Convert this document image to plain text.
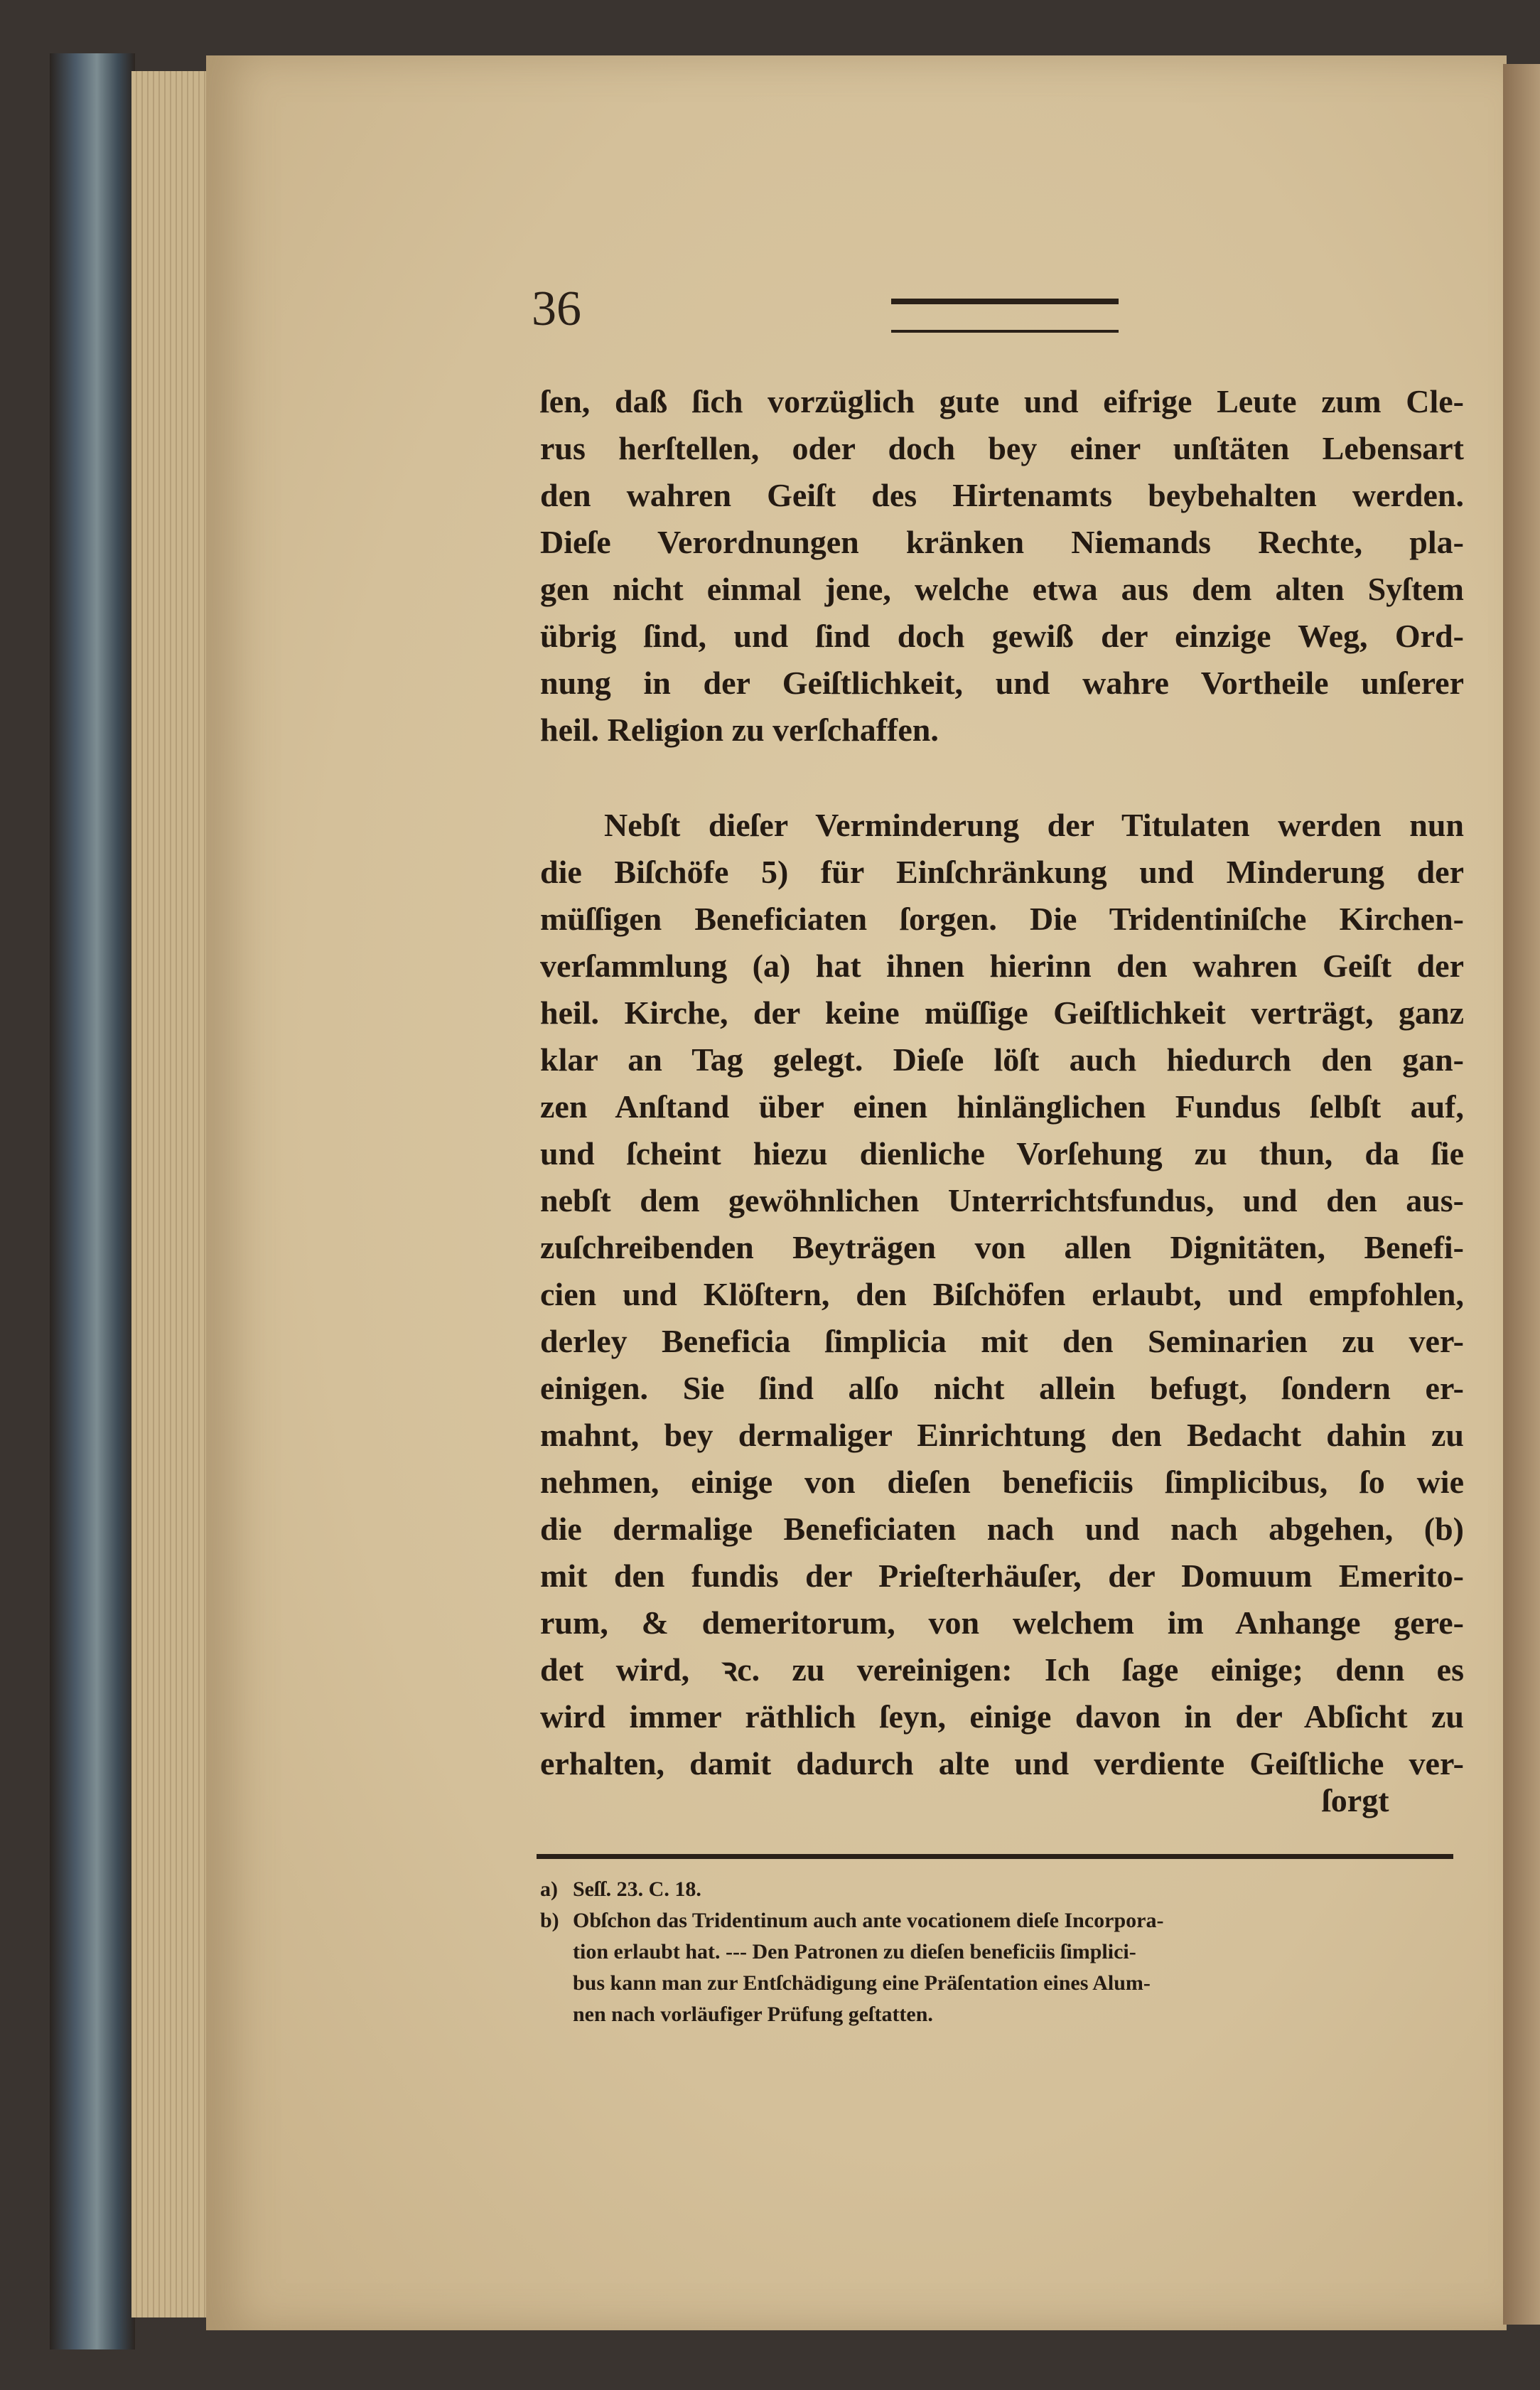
36
ſen, daß ſich vorzüglich gute und eifrige Leute zum Cle-
rus herſtellen, oder doch bey einer unſtäten Lebensart
den wahren Geiſt des Hirtenamts beybehalten werden.
Dieſe Verordnungen kränken Niemands Rechte, pla-
gen nicht einmal jene, welche etwa aus dem alten Syſtem
übrig ſind, und ſind doch gewiß der einzige Weg, Ord-
nung in der Geiſtlichkeit, und wahre Vortheile unſerer
heil. Religion zu verſchaffen.
Nebſt dieſer Verminderung der Titulaten werden nun
die Biſchöfe 5) für Einſchränkung und Minderung der
müſſigen Beneficiaten ſorgen. Die Tridentiniſche Kirchen-
verſammlung (a) hat ihnen hierinn den wahren Geiſt der
heil. Kirche, der keine müſſige Geiſtlichkeit verträgt, ganz
klar an Tag gelegt. Dieſe löſt auch hiedurch den gan-
zen Anſtand über einen hinlänglichen Fundus ſelbſt auf,
und ſcheint hiezu dienliche Vorſehung zu thun, da ſie
nebſt dem gewöhnlichen Unterrichtsfundus, und den aus-
zuſchreibenden Beyträgen von allen Dignitäten, Benefi-
cien und Klöſtern, den Biſchöfen erlaubt, und empfohlen,
derley Beneficia ſimplicia mit den Seminarien zu ver-
einigen. Sie ſind alſo nicht allein befugt, ſondern er-
mahnt, bey dermaliger Einrichtung den Bedacht dahin zu
nehmen, einige von dieſen beneficiis ſimplicibus, ſo wie
die dermalige Beneficiaten nach und nach abgehen, (b)
mit den fundis der Prieſterhäuſer, der Domuum Emerito-
rum, & demeritorum, von welchem im Anhange gere-
det wird, ꝛc. zu vereinigen: Ich ſage einige; denn es
wird immer räthlich ſeyn, einige davon in der Abſicht zu
erhalten, damit dadurch alte und verdiente Geiſtliche ver-
ſorgt
a) Seſſ. 23. C. 18.
b) Obſchon das Tridentinum auch ante vocationem dieſe Incorpora-
tion erlaubt hat. --- Den Patronen zu dieſen beneficiis ſimplici-
bus kann man zur Entſchädigung eine Präſentation eines Alum-
nen nach vorläufiger Prüfung geſtatten.
